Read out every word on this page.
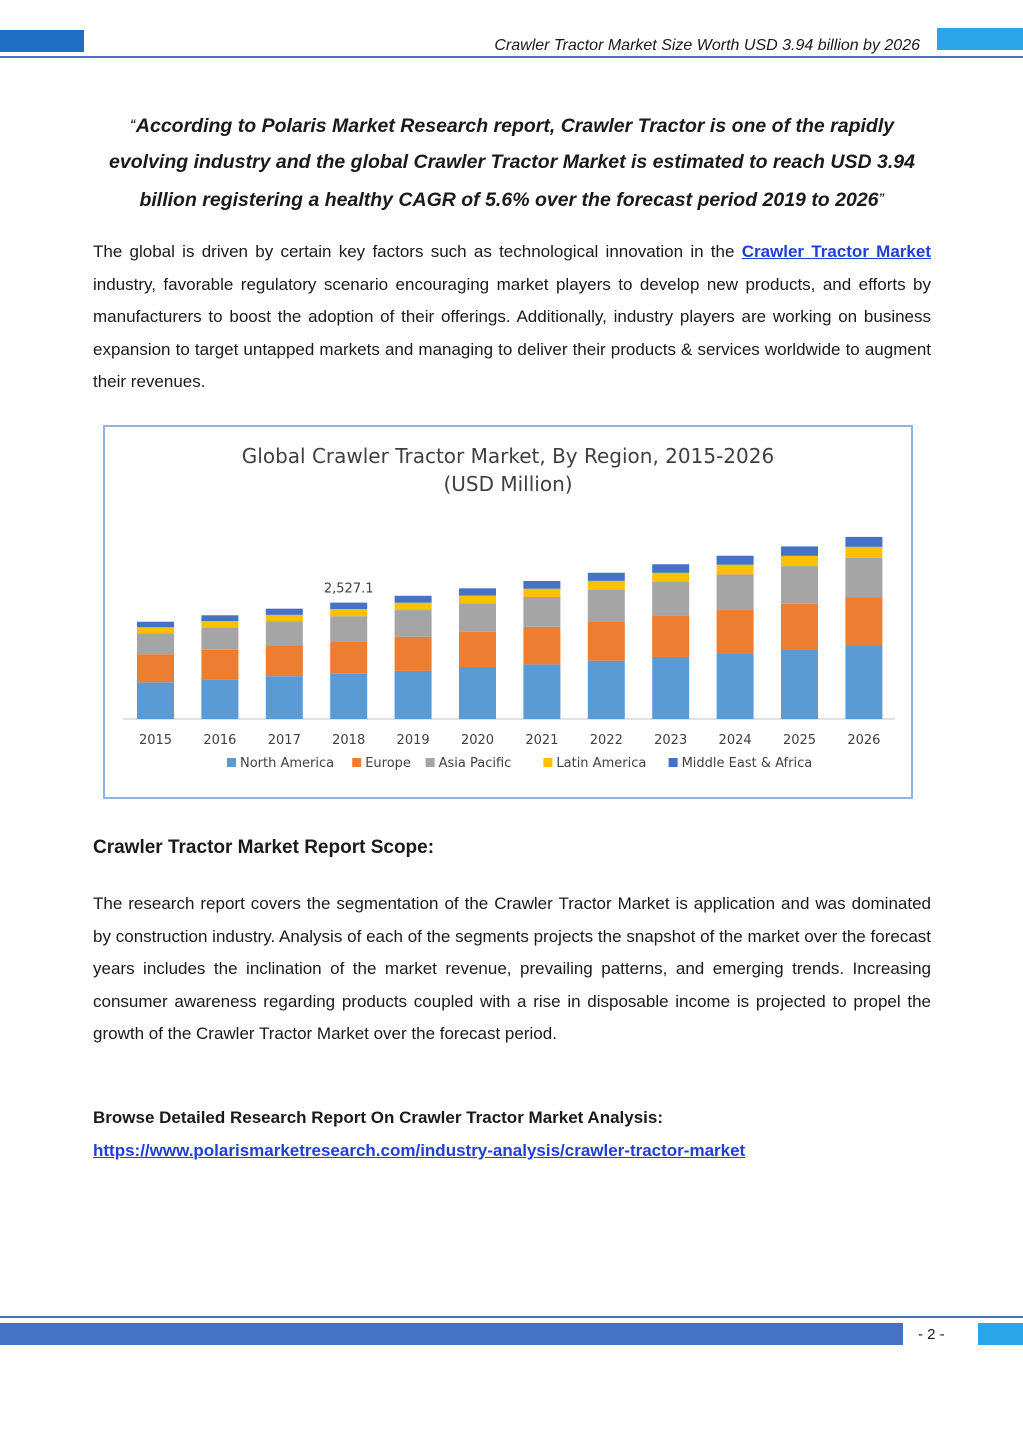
Crawler Tractor Market Size Worth USD 3.94 billion by 2026
“According to Polaris Market Research report, Crawler Tractor is one of the rapidly evolving industry and the global Crawler Tractor Market is estimated to reach USD 3.94 billion registering a healthy CAGR of 5.6% over the forecast period 2019 to 2026”
The global is driven by certain key factors such as technological innovation in the Crawler Tractor Market industry, favorable regulatory scenario encouraging market players to develop new products, and efforts by manufacturers to boost the adoption of their offerings. Additionally, industry players are working on business expansion to target untapped markets and managing to deliver their products & services worldwide to augment their revenues.
Global Crawler Tractor Market, By Region, 2015-2026
(USD Million)
2015 2016 2017 2018 2019 2020 2021 2022 2023 2024 2025 2026
2,527.1
North America Europe Asia Pacific	Latin America	Middle East & Africa
Crawler Tractor Market Report Scope:
The research report covers the segmentation of the Crawler Tractor Market is application and was dominated by construction industry. Analysis of each of the segments projects the snapshot of the market over the forecast years includes the inclination of the market revenue, prevailing patterns, and emerging trends. Increasing consumer awareness regarding products coupled with a rise in disposable income is projected to propel the growth of the Crawler Tractor Market over the forecast period.
Browse Detailed Research Report On Crawler Tractor Market Analysis:
https://www.polarismarketresearch.com/industry-analysis/crawler-tractor-market
- 2 -
